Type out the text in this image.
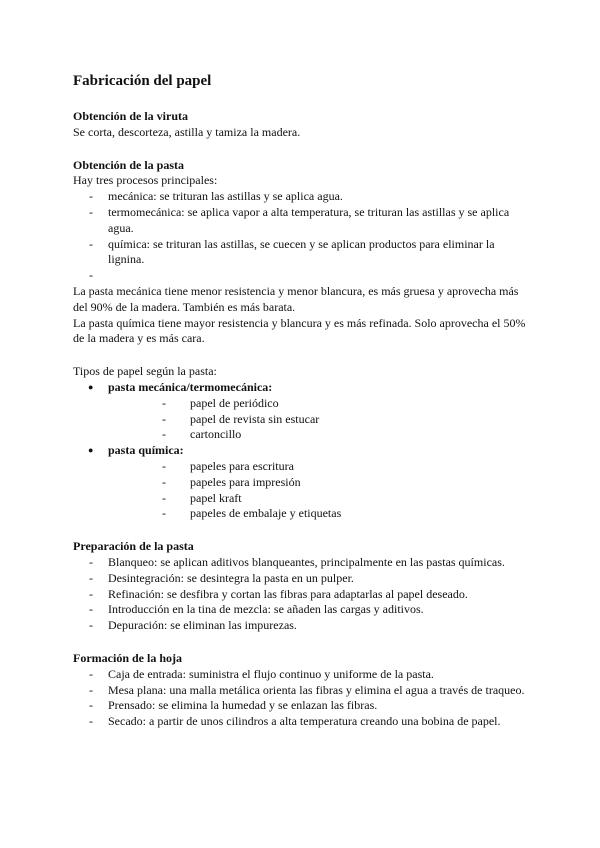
Fabricación del papel
Obtención de la viruta

Se corta, descorteza, astilla y tamiza la madera.

Obtención de la pasta

Hay tres procesos principales:

- mecánica: se trituran las astillas y se aplica agua.
- termomecánica: se aplica vapor a alta temperatura, se trituran las astillas y se aplica agua.
- química: se trituran las astillas, se cuecen y se aplican productos para eliminar la lignina.
-

La pasta mecánica tiene menor resistencia y menor blancura, es más gruesa y aprovecha más del 90% de la madera. También es más barata.

La pasta química tiene mayor resistencia y blancura y es más refinada. Solo aprovecha el 50% de la madera y es más cara.

Tipos de papel según la pasta:

● pasta mecánica/termomecánica:
- papel de periódico
- papel de revista sin estucar
- cartoncillo
● pasta química:
- papeles para escritura
- papeles para impresión
- papel kraft
- papeles de embalaje y etiquetas
Preparación de la pasta
- Blanqueo: se aplican aditivos blanqueantes, principalmente en las pastas químicas.
- Desintegración: se desintegra la pasta en un pulper.
- Refinación: se desfibra y cortan las fibras para adaptarlas al papel deseado.
- Introducción en la tina de mezcla: se añaden las cargas y aditivos.
- Depuración: se eliminan las impurezas.
Formación de la hoja
- Caja de entrada: suministra el flujo continuo y uniforme de la pasta.
- Mesa plana: una malla metálica orienta las fibras y elimina el agua a través de traqueo.
- Prensado: se elimina la humedad y se enlazan las fibras.
- Secado: a partir de unos cilindros a alta temperatura creando una bobina de papel.
